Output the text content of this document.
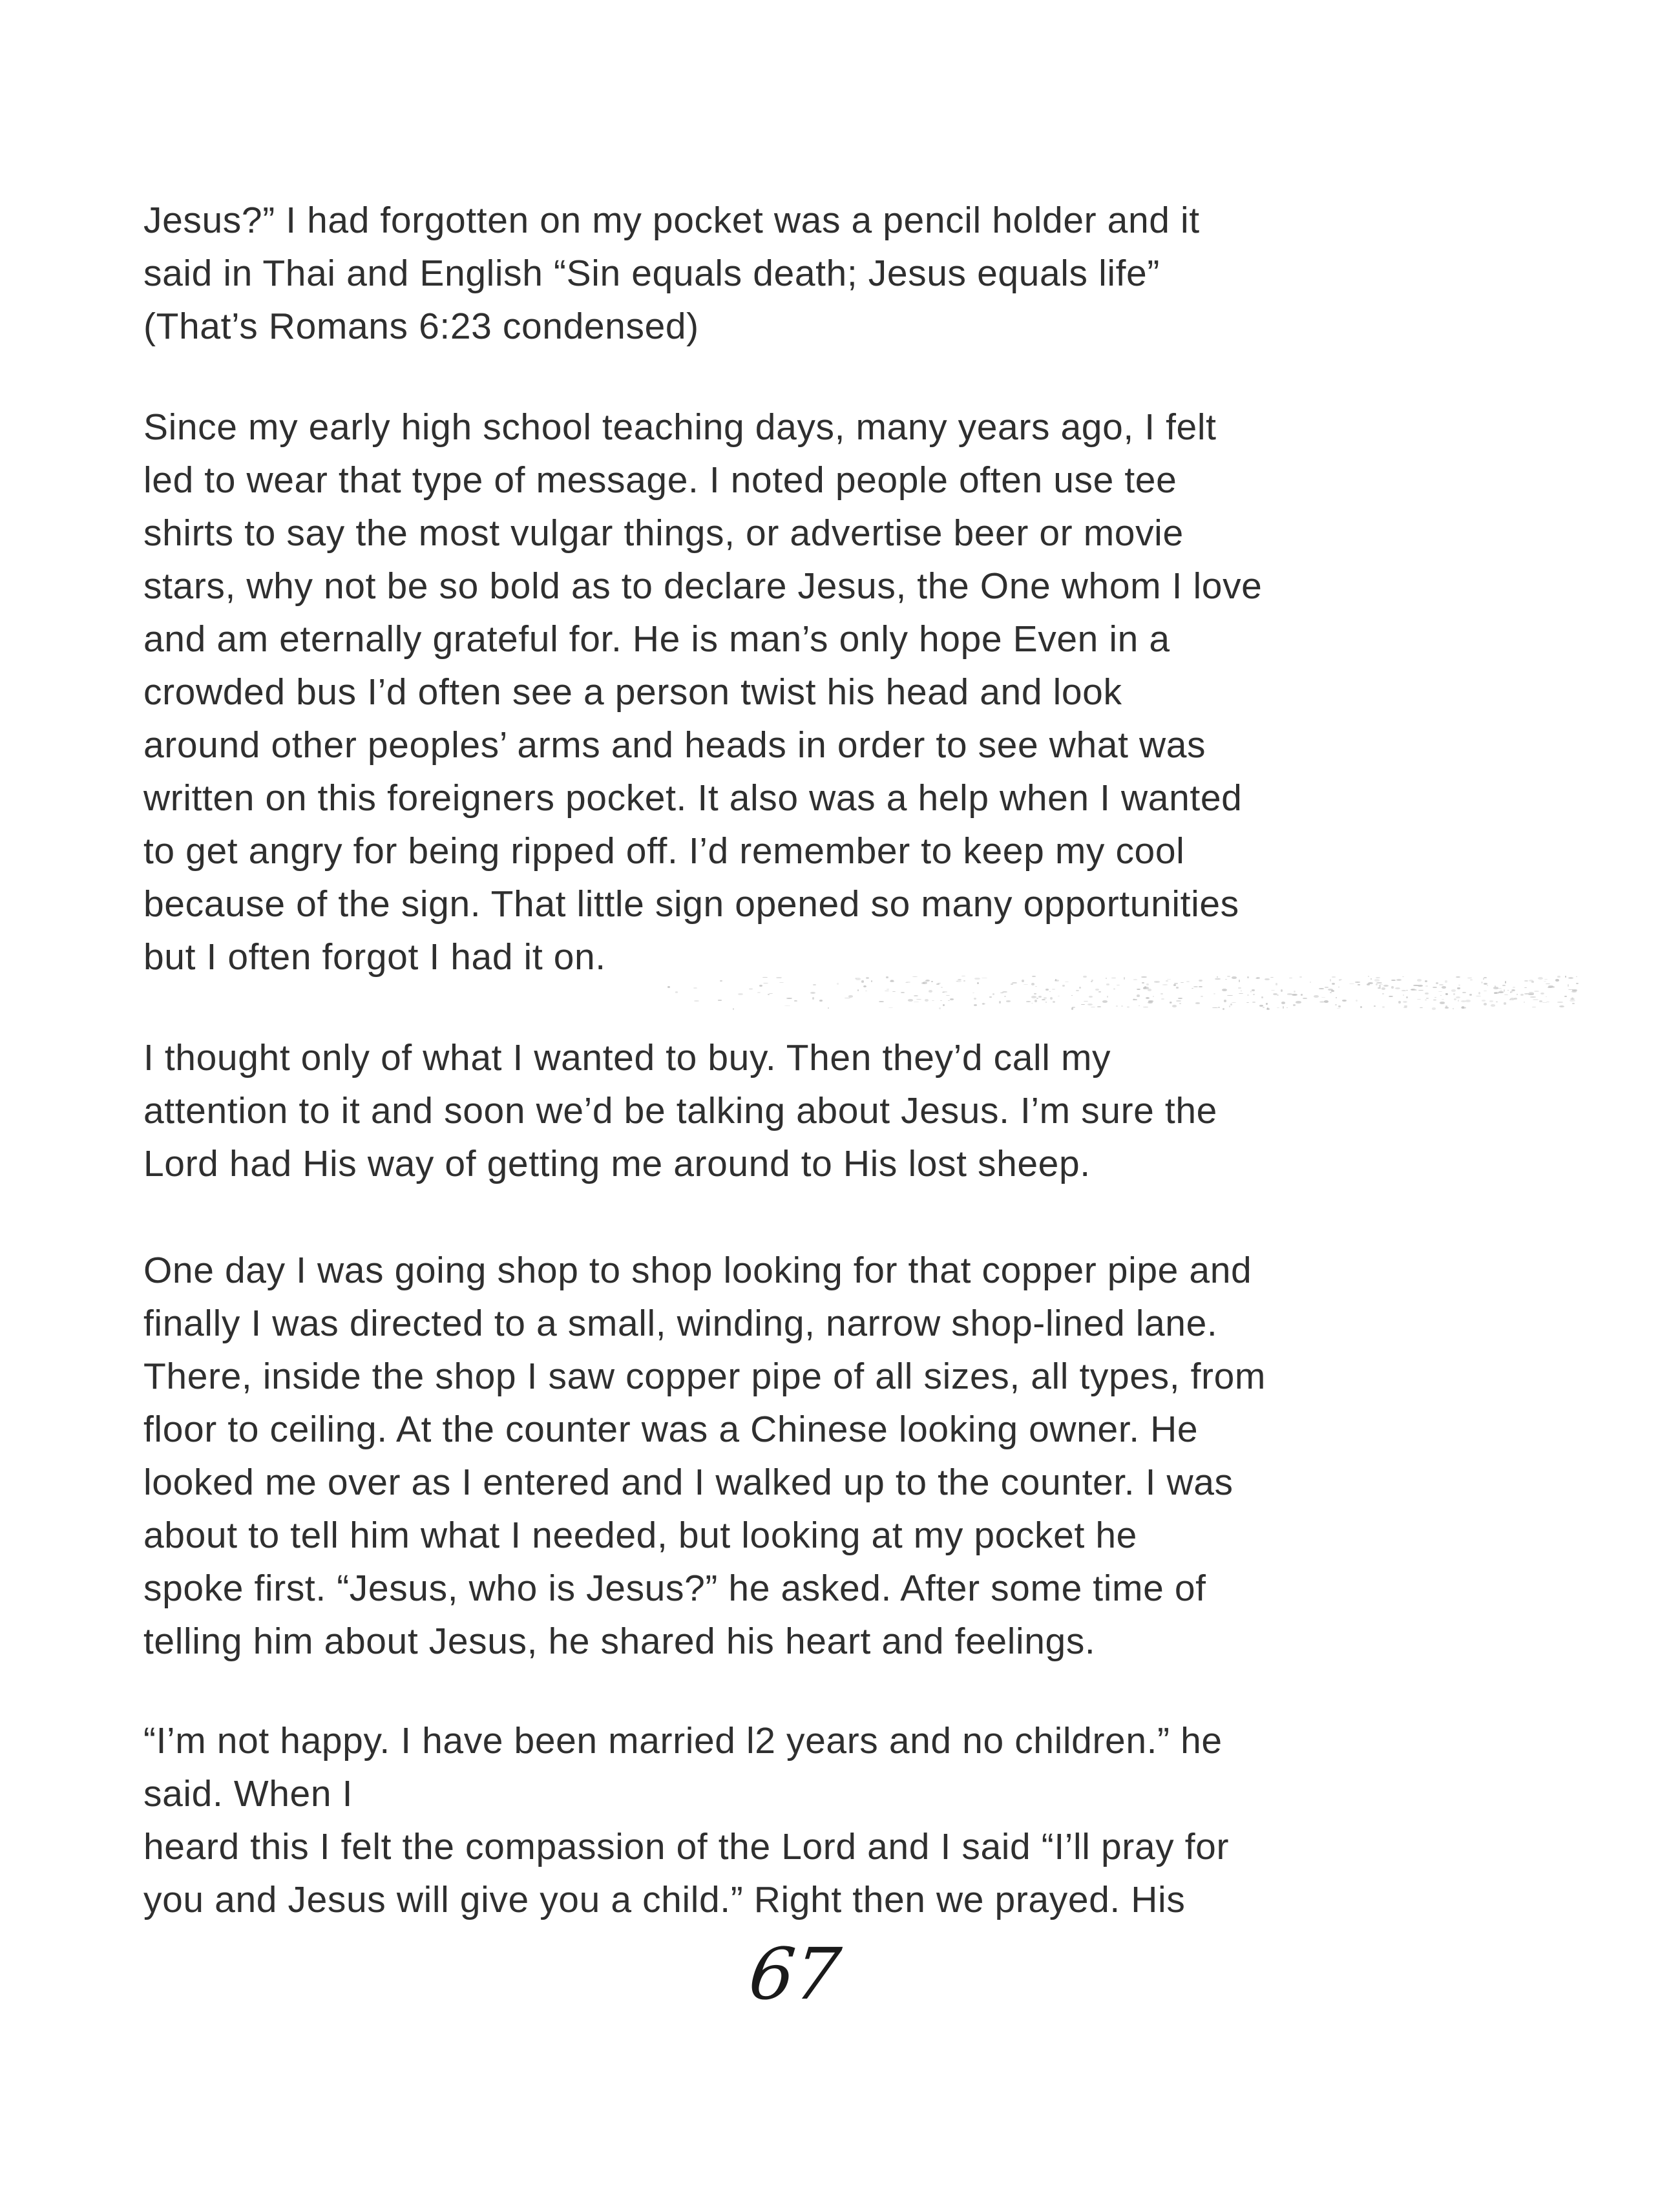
Jesus?” I had forgotten on my pocket was a pencil holder and it
said in Thai and English “Sin equals death; Jesus equals life”
(That’s Romans 6:23 condensed)
Since my early high school teaching days, many years ago, I felt
led to wear that type of message. I noted people often use tee
shirts to say the most vulgar things, or advertise beer or movie
stars, why not be so bold as to declare Jesus, the One whom I love
and am eternally grateful for. He is man’s only hope Even in a
crowded bus I’d often see a person twist his head and look
around other peoples’ arms and heads in order to see what was
written on this foreigners pocket. It also was a help when I wanted
to get angry for being ripped off. I’d remember to keep my cool
because of the sign. That little sign opened so many opportunities
but I often forgot I had it on.
I thought only of what I wanted to buy. Then they’d call my
attention to it and soon we’d be talking about Jesus. I’m sure the
Lord had His way of getting me around to His lost sheep.
One day I was going shop to shop looking for that copper pipe and
finally I was directed to a small, winding, narrow shop-lined lane.
There, inside the shop I saw copper pipe of all sizes, all types, from
floor to ceiling. At the counter was a Chinese looking owner. He
looked me over as I entered and I walked up to the counter. I was
about to tell him what I needed, but looking at my pocket he
spoke first. “Jesus, who is Jesus?” he asked. After some time of
telling him about Jesus, he shared his heart and feelings.
“I’m not happy. I have been married l2 years and no children.” he
said. When I
heard this I felt the compassion of the Lord and I said “I’ll pray for
you and Jesus will give you a child.” Right then we prayed. His
67
